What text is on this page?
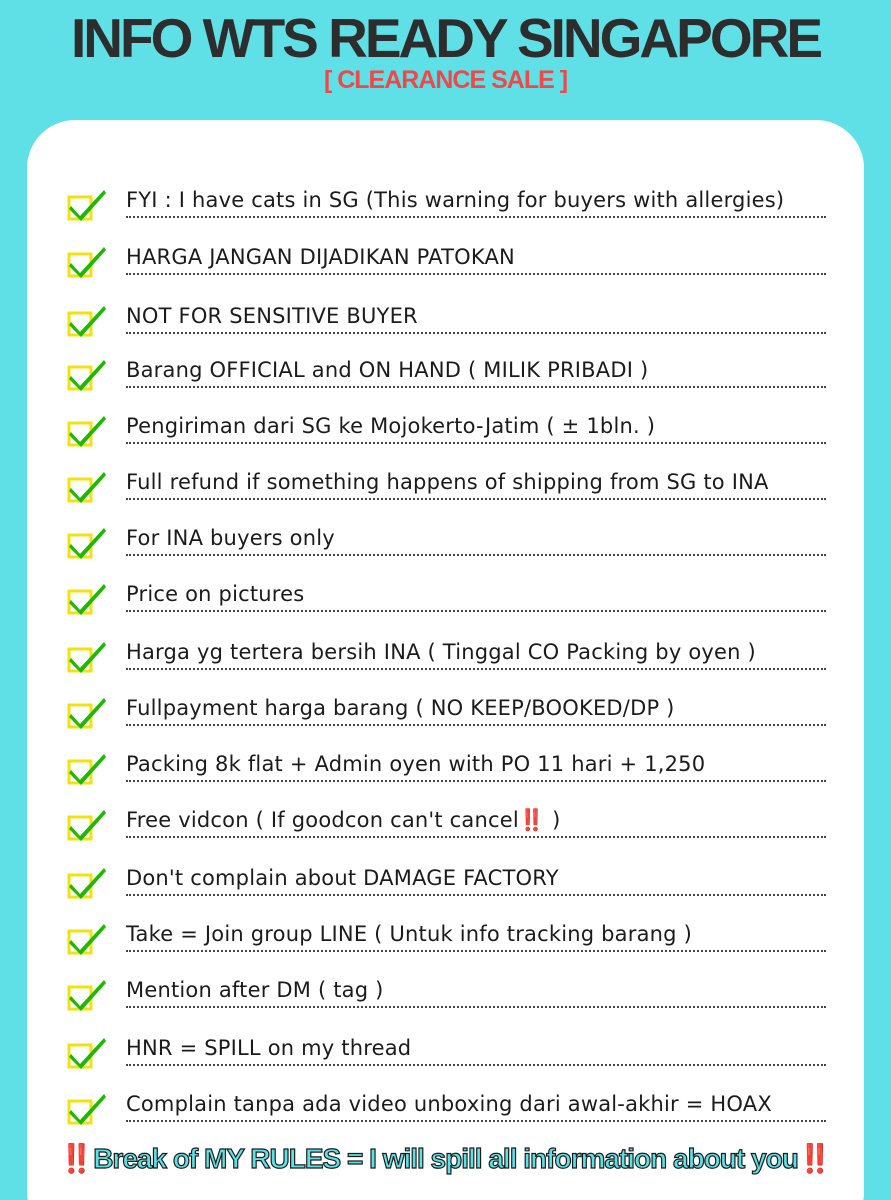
INFO WTS READY SINGAPORE
[ CLEARANCE SALE ]
FYI : I have cats in SG (This warning for buyers with allergies)
HARGA JANGAN DIJADIKAN PATOKAN
NOT FOR SENSITIVE BUYER
Barang OFFICIAL and ON HAND ( MILIK PRIBADI )
Pengiriman dari SG ke Mojokerto-Jatim ( ± 1bln. )
Full refund if something happens of shipping from SG to INA
For INA buyers only
Price on pictures
Harga yg tertera bersih INA ( Tinggal CO Packing by oyen )
Fullpayment harga barang ( NO KEEP/BOOKED/DP )
Packing 8k flat + Admin oyen with PO 11 hari + 1,250
Free vidcon ( If goodcon can't cancel‼️ )
Don't complain about DAMAGE FACTORY
Take = Join group LINE ( Untuk info tracking barang )
Mention after DM ( tag )
HNR = SPILL on my thread
Complain tanpa ada video unboxing dari awal-akhir = HOAX
‼️Break of MY RULES = I will spill all information about you‼️
